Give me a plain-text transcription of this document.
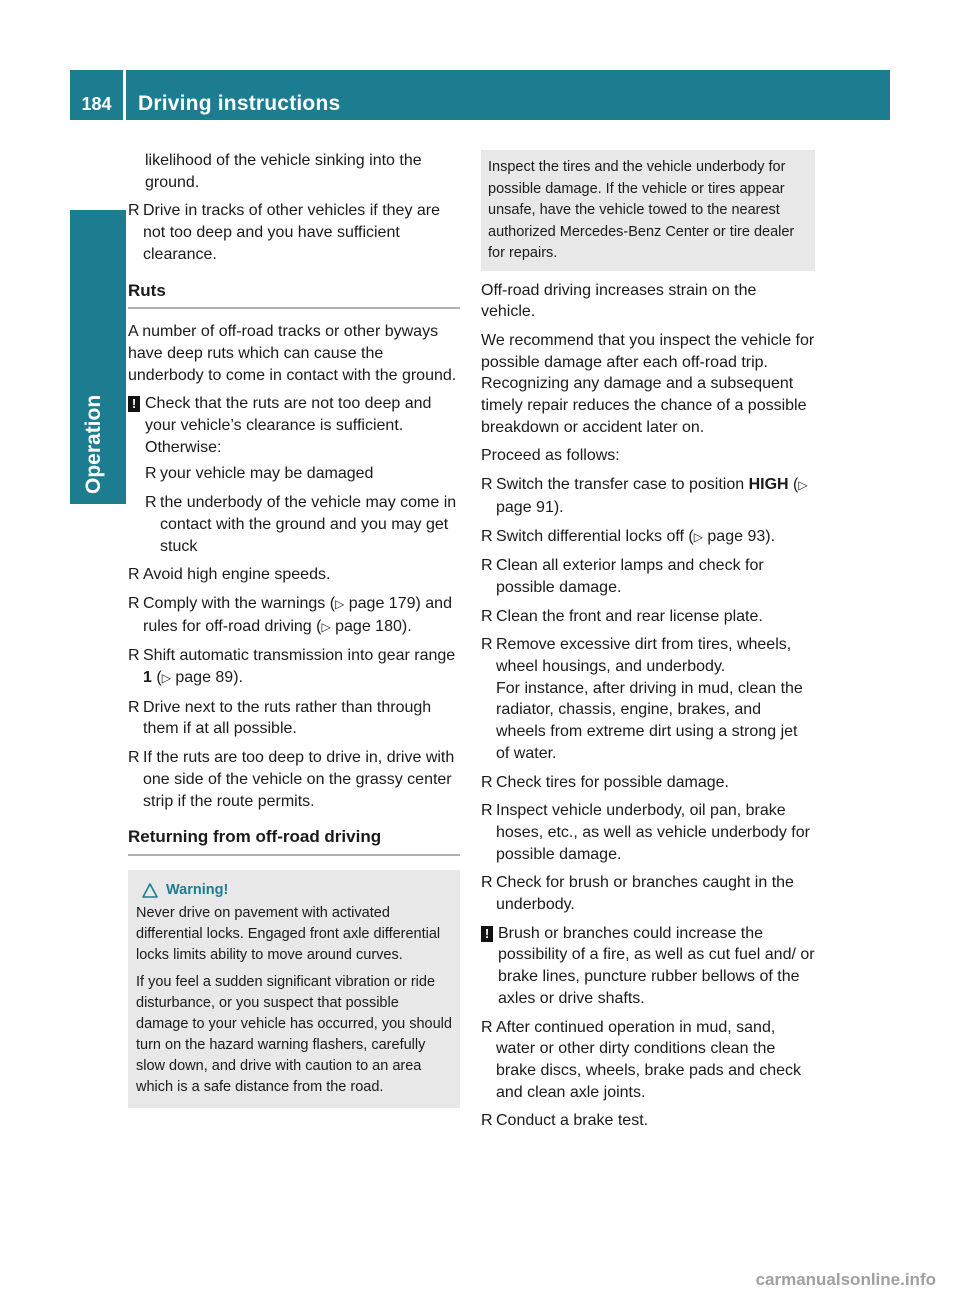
184	Driving instructions
Operation

likelihood of the vehicle sinking into the ground.

R Drive in tracks of other vehicles if they are not too deep and you have sufficient clearance.
Ruts

A number of off-road tracks or other byways have deep ruts which can cause the underbody to come in contact with the ground.

! Check that the ruts are not too deep and your vehicle’s clearance is sufficient. Otherwise:
R your vehicle may be damaged
R the underbody of the vehicle may come in contact with the ground and you may get stuck
R Avoid high engine speeds.
R Comply with the warnings (▷ page 179) and rules for off-road driving (▷ page 180).
R Shift automatic transmission into gear range 1 (▷ page 89).
R Drive next to the ruts rather than through them if at all possible.
R If the ruts are too deep to drive in, drive with one side of the vehicle on the grassy center strip if the route permits.
Returning from off-road driving
Warning!

Never drive on pavement with activated differential locks. Engaged front axle differential locks limits ability to move around curves.

If you feel a sudden significant vibration or ride disturbance, or you suspect that possible damage to your vehicle has occurred, you should turn on the hazard warning flashers, carefully slow down, and drive with caution to an area which is a safe distance from the road.

Inspect the tires and the vehicle underbody for possible damage. If the vehicle or tires appear unsafe, have the vehicle towed to the nearest authorized Mercedes-Benz Center or tire dealer for repairs.

Off-road driving increases strain on the vehicle.

We recommend that you inspect the vehicle for possible damage after each off-road trip. Recognizing any damage and a subsequent timely repair reduces the chance of a possible breakdown or accident later on.

Proceed as follows:

R Switch the transfer case to position HIGH (▷ page 91).
R Switch differential locks off (▷ page 93).
R Clean all exterior lamps and check for possible damage.
R Clean the front and rear license plate.
R Remove excessive dirt from tires, wheels, wheel housings, and underbody.
For instance, after driving in mud, clean the radiator, chassis, engine, brakes, and wheels from extreme dirt using a strong jet of water.
R Check tires for possible damage.
R Inspect vehicle underbody, oil pan, brake hoses, etc., as well as vehicle underbody for possible damage.
R Check for brush or branches caught in the underbody.
! Brush or branches could increase the possibility of a fire, as well as cut fuel and/ or brake lines, puncture rubber bellows of the axles or drive shafts.
R After continued operation in mud, sand, water or other dirty conditions clean the brake discs, wheels, brake pads and check and clean axle joints.
R Conduct a brake test.
carmanualsonline.info
